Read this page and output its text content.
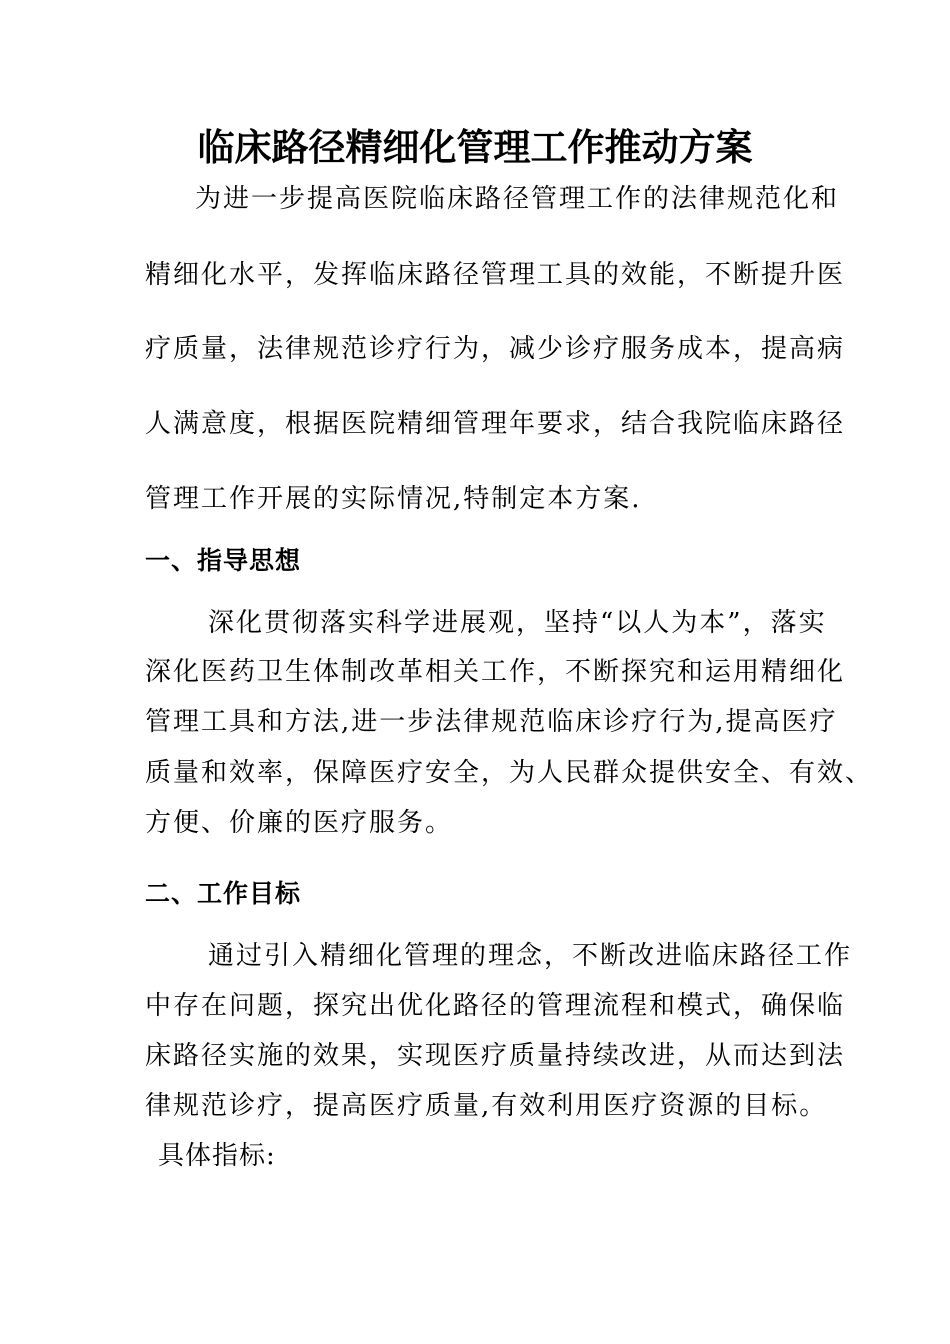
临床路径精细化管理工作推动方案
为进一步提高医院临床路径管理工作的法律规范化和
精细化水平，发挥临床路径管理工具的效能，不断提升医
疗质量，法律规范诊疗行为，减少诊疗服务成本，提高病
人满意度，根据医院精细管理年要求，结合我院临床路径
管理工作开展的实际情况,特制定本方案.
一、指导思想
深化贯彻落实科学进展观，坚持“以人为本”，落实
深化医药卫生体制改革相关工作，不断探究和运用精细化
管理工具和方法,进一步法律规范临床诊疗行为,提高医疗
质量和效率，保障医疗安全，为人民群众提供安全、有效、
方便、价廉的医疗服务。
二、工作目标
通过引入精细化管理的理念，不断改进临床路径工作
中存在问题，探究出优化路径的管理流程和模式，确保临
床路径实施的效果，实现医疗质量持续改进，从而达到法
律规范诊疗，提高医疗质量,有效利用医疗资源的目标。
具体指标:
